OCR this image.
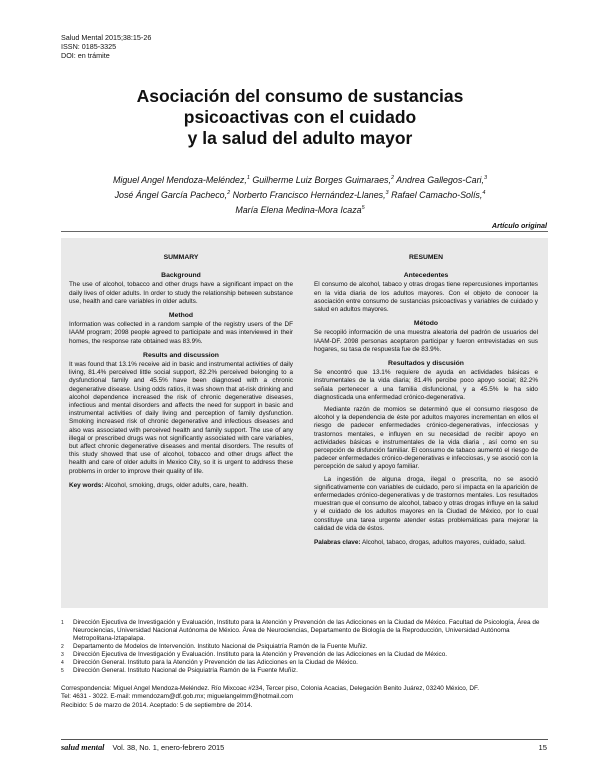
Salud Mental 2015;38:15-26
ISSN: 0185-3325
DOI: en trámite
Asociación del consumo de sustancias
psicoactivas con el cuidado
y la salud del adulto mayor
Miguel Angel Mendoza-Meléndez,$^1$ Guilherme Luiz Borges Guimaraes,$^2$ Andrea Gallegos-Cari,$^3$
José Ángel García Pacheco,$^2$ Norberto Francisco Hernández-Llanes,$^3$ Rafael Camacho-Solís,$^4$
María Elena Medina-Mora Icaza$^5$
Artículo original
SUMMARY
Background

The use of alcohol, tobacco and other drugs have a significant impact on the daily lives of older adults. In order to study the relationship between substance use, health and care variables in older adults.

Method

Information was collected in a random sample of the registry users of the DF IAAM program; 2098 people agreed to participate and was interviewed in their homes, the response rate obtained was 83.9%.

Results and discussion

It was found that 13.1% receive aid in basic and instrumental activities of daily living, 81.4% perceived little social support, 82.2% perceived belonging to a dysfunctional family and 45.5% have been diagnosed with a chronic degenerative disease. Using odds ratios, it was shown that at-risk drinking and alcohol dependence increased the risk of chronic degenerative diseases, infectious and mental disorders and affects the need for support in basic and instrumental activities of daily living and perception of family dysfunction. Smoking increased risk of chronic degenerative and infectious diseases and also was associated with perceived health and family support. The use of any illegal or prescribed drugs was not significantly associated with care variables, but affect chronic degenerative diseases and mental disorders. The results of this study showed that use of alcohol, tobacco and other drugs affect the health and care of older adults in Mexico City, so it is urgent to address these problems in order to improve their quality of life.

Key words: Alcohol, smoking, drugs, older adults, care, health.

RESUMEN
Antecedentes

El consumo de alcohol, tabaco y otras drogas tiene repercusiones importantes en la vida diaria de los adultos mayores. Con el objeto de conocer la asociación entre consumo de sustancias psicoactivas y variables de cuidado y salud en adultos mayores.

Método

Se recopiló información de una muestra aleatoria del padrón de usuarios del IAAM-DF. 2098 personas aceptaron participar y fueron entrevistadas en sus hogares, su tasa de respuesta fue de 83.9%.

Resultados y discusión

Se encontró que 13.1% requiere de ayuda en actividades básicas e instrumentales de la vida diaria; 81.4% percibe poco apoyo social; 82.2% señala pertenecer a una familia disfuncional, y a 45.5% le ha sido diagnosticada una enfermedad crónico-degenerativa.

Mediante razón de momios se determinó que el consumo riesgoso de alcohol y la dependencia de éste por adultos mayores incrementan en ellos el riesgo de padecer enfermedades crónico-degenerativas, infecciosas y trastornos mentales, e influyen en su necesidad de recibir apoyo en actividades básicas e instrumentales de la vida diaria , así como en su percepción de disfunción familiar. El consumo de tabaco aumentó el riesgo de padecer enfermedades crónico-degenerativas e infecciosas, y se asoció con la percepción de salud y apoyo familiar.

La ingestión de alguna droga, ilegal o prescrita, no se asoció significativamente con variables de cuidado, pero sí impacta en la aparición de enfermedades crónico-degenerativas y de trastornos mentales. Los resultados muestran que el consumo de alcohol, tabaco y otras drogas influye en la salud y el cuidado de los adultos mayores en la Ciudad de México, por lo cual constituye una tarea urgente atender estas problemáticas para mejorar la calidad de vida de éstos.

Palabras clave: Alcohol, tabaco, drogas, adultos mayores, cuidado, salud.

1	Dirección Ejecutiva de Investigación y Evaluación, Instituto para la Atención y Prevención de las Adicciones en la Ciudad de México. Facultad de Psicología, Área de Neurociencias, Universidad Nacional Autónoma de México. Área de Neurociencias, Departamento de Biología de la Reproducción, Universidad Autónoma Metropolitana-Iztapalapa.
2	Departamento de Modelos de Intervención. Instituto Nacional de Psiquiatría Ramón de la Fuente Muñiz.
3	Dirección Ejecutiva de Investigación y Evaluación. Instituto para la Atención y Prevención de las Adicciones en la Ciudad de México.
4	Dirección General. Instituto para la Atención y Prevención de las Adicciones en la Ciudad de México.
5	Dirección General. Instituto Nacional de Psiquiatría Ramón de la Fuente Muñiz.
Correspondencia: Miguel Angel Mendoza-Meléndez. Río Mixcoac #234, Tercer piso, Colonia Acacias, Delegación Benito Juárez, 03240 México, DF.
Tel: 4631 - 3022. E-mail: mmendozam@df.gob.mx; miguelangelmm@hotmail.com
Recibido: 5 de marzo de 2014. Aceptado: 5 de septiembre de 2014.
salud mental Vol. 38, No. 1, enero-febrero 2015	15
